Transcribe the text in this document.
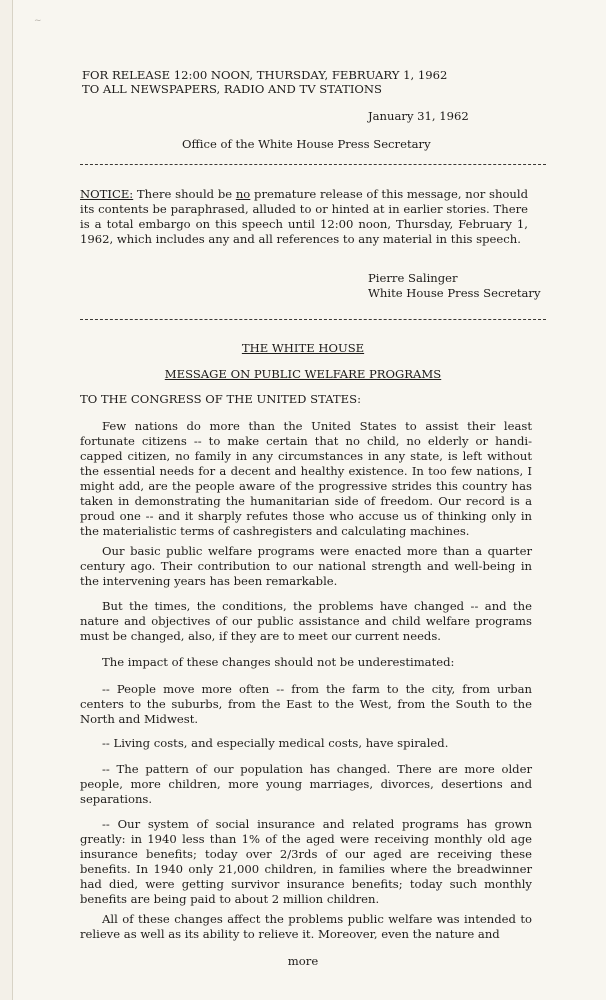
FOR RELEASE 12:00 NOON, THURSDAY, FEBRUARY 1, 1962
TO ALL NEWSPAPERS, RADIO AND TV STATIONS
January 31, 1962
Office of the White House Press Secretary
NOTICE: There should be no premature release of this message, nor should its contents be paraphrased, alluded to or hinted at in earlier stories. There is a total embargo on this speech until 12:00 noon, Thursday, February 1, 1962, which includes any and all references to any material in this speech.
Pierre Salinger
White House Press Secretary
THE WHITE HOUSE
MESSAGE ON PUBLIC WELFARE PROGRAMS
TO THE CONGRESS OF THE UNITED STATES:
Few nations do more than the United States to assist their least fortunate citizens -- to make certain that no child, no elderly or handi-capped citizen, no family in any circumstances in any state, is left without the essential needs for a decent and healthy existence. In too few nations, I might add, are the people aware of the progressive strides this country has taken in demonstrating the humanitarian side of freedom. Our record is a proud one -- and it sharply refutes those who accuse us of thinking only in the materialistic terms of cashregisters and calculating machines.
Our basic public welfare programs were enacted more than a quarter century ago. Their contribution to our national strength and well-being in the intervening years has been remarkable.
But the times, the conditions, the problems have changed -- and the nature and objectives of our public assistance and child welfare programs must be changed, also, if they are to meet our current needs.
The impact of these changes should not be underestimated:
-- People move more often -- from the farm to the city, from urban centers to the suburbs, from the East to the West, from the South to the North and Midwest.
-- Living costs, and especially medical costs, have spiraled.
-- The pattern of our population has changed. There are more older people, more children, more young marriages, divorces, desertions and separations.
-- Our system of social insurance and related programs has grown greatly: in 1940 less than 1% of the aged were receiving monthly old age insurance benefits; today over 2/3rds of our aged are receiving these benefits. In 1940 only 21,000 children, in families where the breadwinner had died, were getting survivor insurance benefits; today such monthly benefits are being paid to about 2 million children.
All of these changes affect the problems public welfare was intended to relieve as well as its ability to relieve it. Moreover, even the nature and
more
~
